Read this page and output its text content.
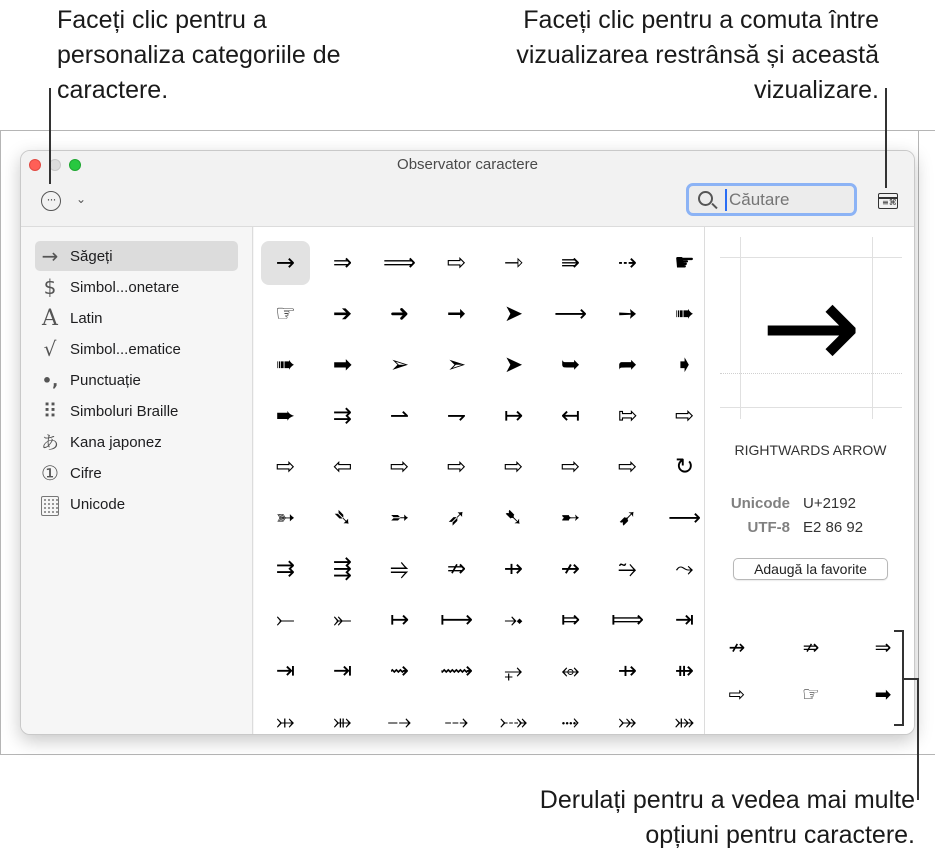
Faceți clic pentru a personaliza categoriile de caractere.
Faceți clic pentru a comuta între vizualizarea restrânsă și această vizualizare.
Derulați pentru a vedea mai multe opțiuni pentru caractere.
Observator caractere
···	⌄
Căutare	≡⌘
→ Săgeți
$ Simbol...onetare
A Latin
√ Simbol...ematice
•, Punctuație
⠿ Simboluri Braille
あ Kana japonez
① Cifre
Unicode
→	⇒	⟹	⇨	⇾	⇛	⇢	☛
☞	➔	➜	➞	➤	⟶	➙	➠
➠	➡	➢	➣	➤	➥	➦	➧
➨	⇉	⇀	⇁	↦	↤	⇰	⇨
⇨	⇦	⇨	⇨	⇨	⇨	⇨	↻
➳	➴	➵	➶	➷	➸	➹	⟶
⇉	⇶	⥤	⇏	⇸	↛	⥲	⤳
⤚	⤜	↦	⟼	⤞	⤇	⟾	⇥
⇥	⇥	⇝	⟿	⥅	⥈	⇸	⇻
⤔	⤕	⤍	⤏	⤐	⤑	⤖	⤗
→
RIGHTWARDS ARROW
Unicode U+2192
UTF-8 E2 86 92
Adaugă la favorite
↛	⇏	⇒
⇨	☞	➡
